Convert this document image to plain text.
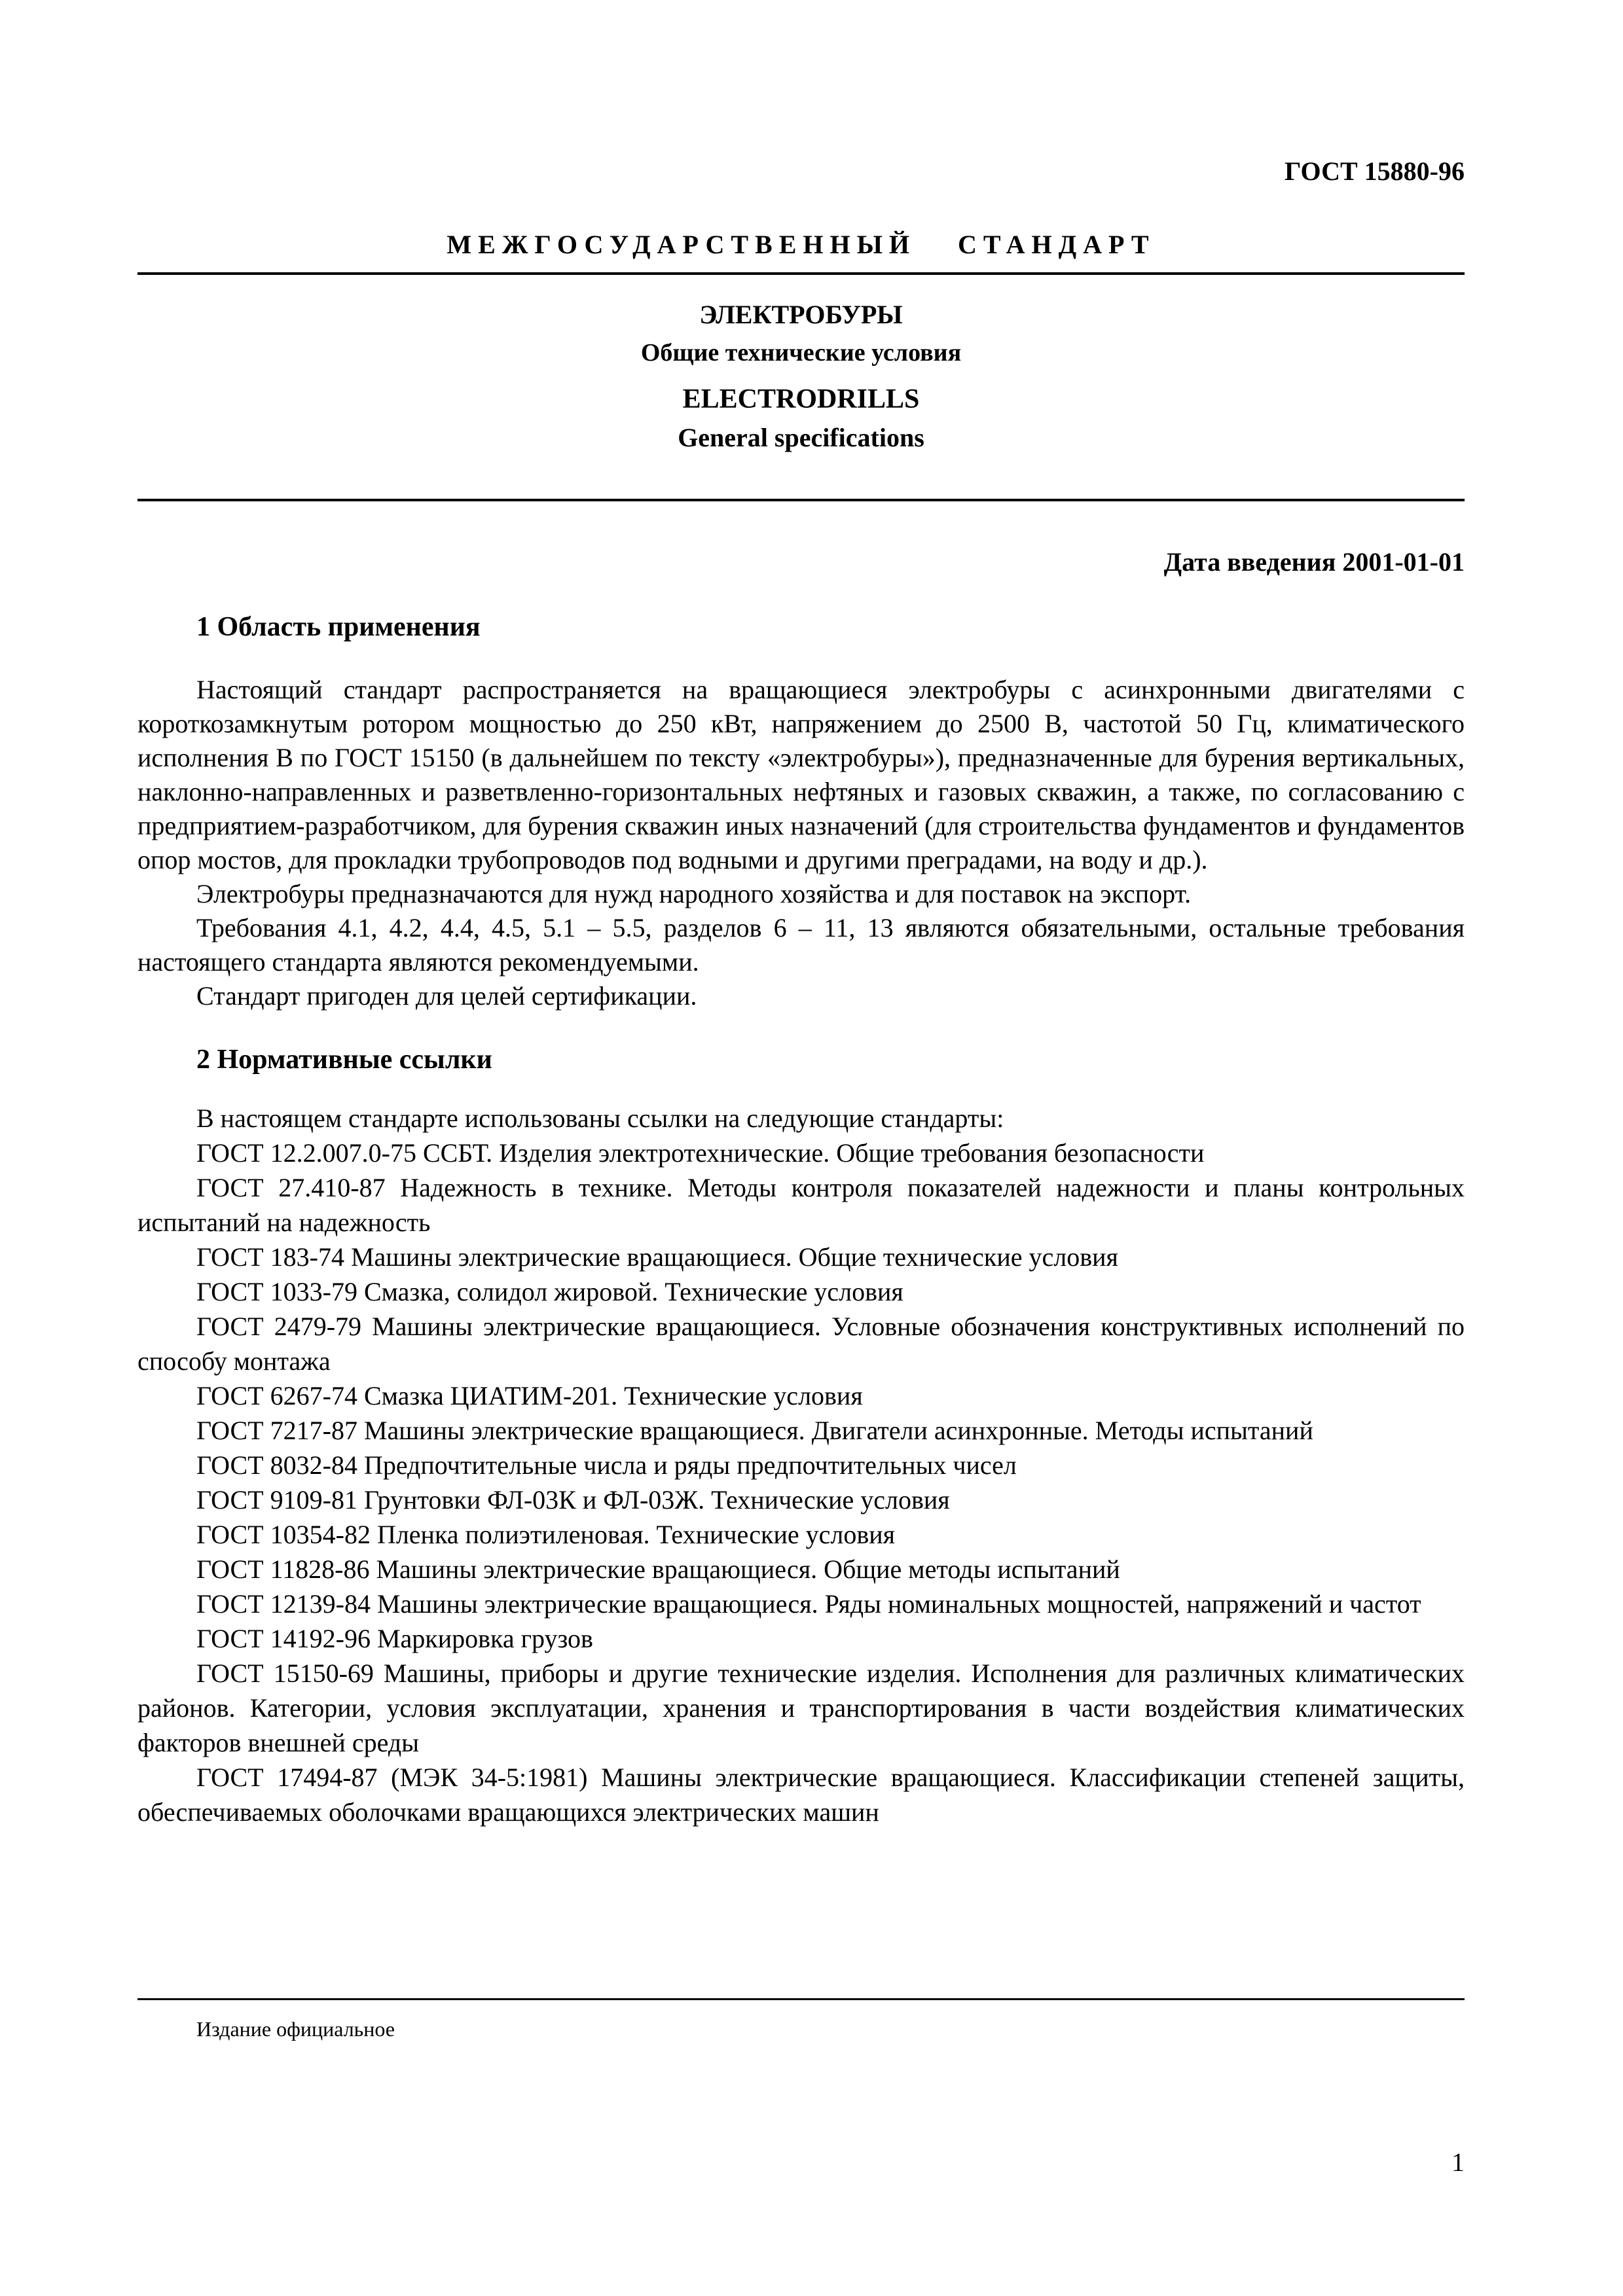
ГОСТ 15880-96
МЕЖГОСУДАРСТВЕННЫЙ СТАНДАРТ
ЭЛЕКТРОБУРЫ
Общие технические условия
ELECTRODRILLS
General specifications
Дата введения 2001-01-01
1 Область применения

Настоящий стандарт распространяется на вращающиеся электробуры с асинхронными двигателями с короткозамкнутым ротором мощностью до 250 кВт, напряжением до 2500 В, частотой 50 Гц, климатического исполнения В по ГОСТ 15150 (в дальнейшем по тексту «электробуры»), предназначенные для бурения вертикальных, наклонно-направленных и разветвленно-горизонтальных нефтяных и газовых скважин, а также, по согласованию с предприятием-разработчиком, для бурения скважин иных назначений (для строительства фундаментов и фундаментов опор мостов, для прокладки трубопроводов под водными и другими преградами, на воду и др.).

Электробуры предназначаются для нужд народного хозяйства и для поставок на экспорт.

Требования 4.1, 4.2, 4.4, 4.5, 5.1 – 5.5, разделов 6 – 11, 13 являются обязательными, остальные требования настоящего стандарта являются рекомендуемыми.

Стандарт пригоден для целей сертификации.

2 Нормативные ссылки

В настоящем стандарте использованы ссылки на следующие стандарты:

ГОСТ 12.2.007.0-75 ССБТ. Изделия электротехнические. Общие требования безопасности

ГОСТ 27.410-87 Надежность в технике. Методы контроля показателей надежности и планы контрольных испытаний на надежность

ГОСТ 183-74 Машины электрические вращающиеся. Общие технические условия

ГОСТ 1033-79 Смазка, солидол жировой. Технические условия

ГОСТ 2479-79 Машины электрические вращающиеся. Условные обозначения конструктивных исполнений по способу монтажа

ГОСТ 6267-74 Смазка ЦИАТИМ-201. Технические условия

ГОСТ 7217-87 Машины электрические вращающиеся. Двигатели асинхронные. Методы испытаний

ГОСТ 8032-84 Предпочтительные числа и ряды предпочтительных чисел

ГОСТ 9109-81 Грунтовки ФЛ-03К и ФЛ-03Ж. Технические условия

ГОСТ 10354-82 Пленка полиэтиленовая. Технические условия

ГОСТ 11828-86 Машины электрические вращающиеся. Общие методы испытаний

ГОСТ 12139-84 Машины электрические вращающиеся. Ряды номинальных мощностей, напряжений и частот

ГОСТ 14192-96 Маркировка грузов

ГОСТ 15150-69 Машины, приборы и другие технические изделия. Исполнения для различных климатических районов. Категории, условия эксплуатации, хранения и транспортирования в части воздействия климатических факторов внешней среды

ГОСТ 17494-87 (МЭК 34-5:1981) Машины электрические вращающиеся. Классификации степеней защиты, обеспечиваемых оболочками вращающихся электрических машин

Издание официальное
1
